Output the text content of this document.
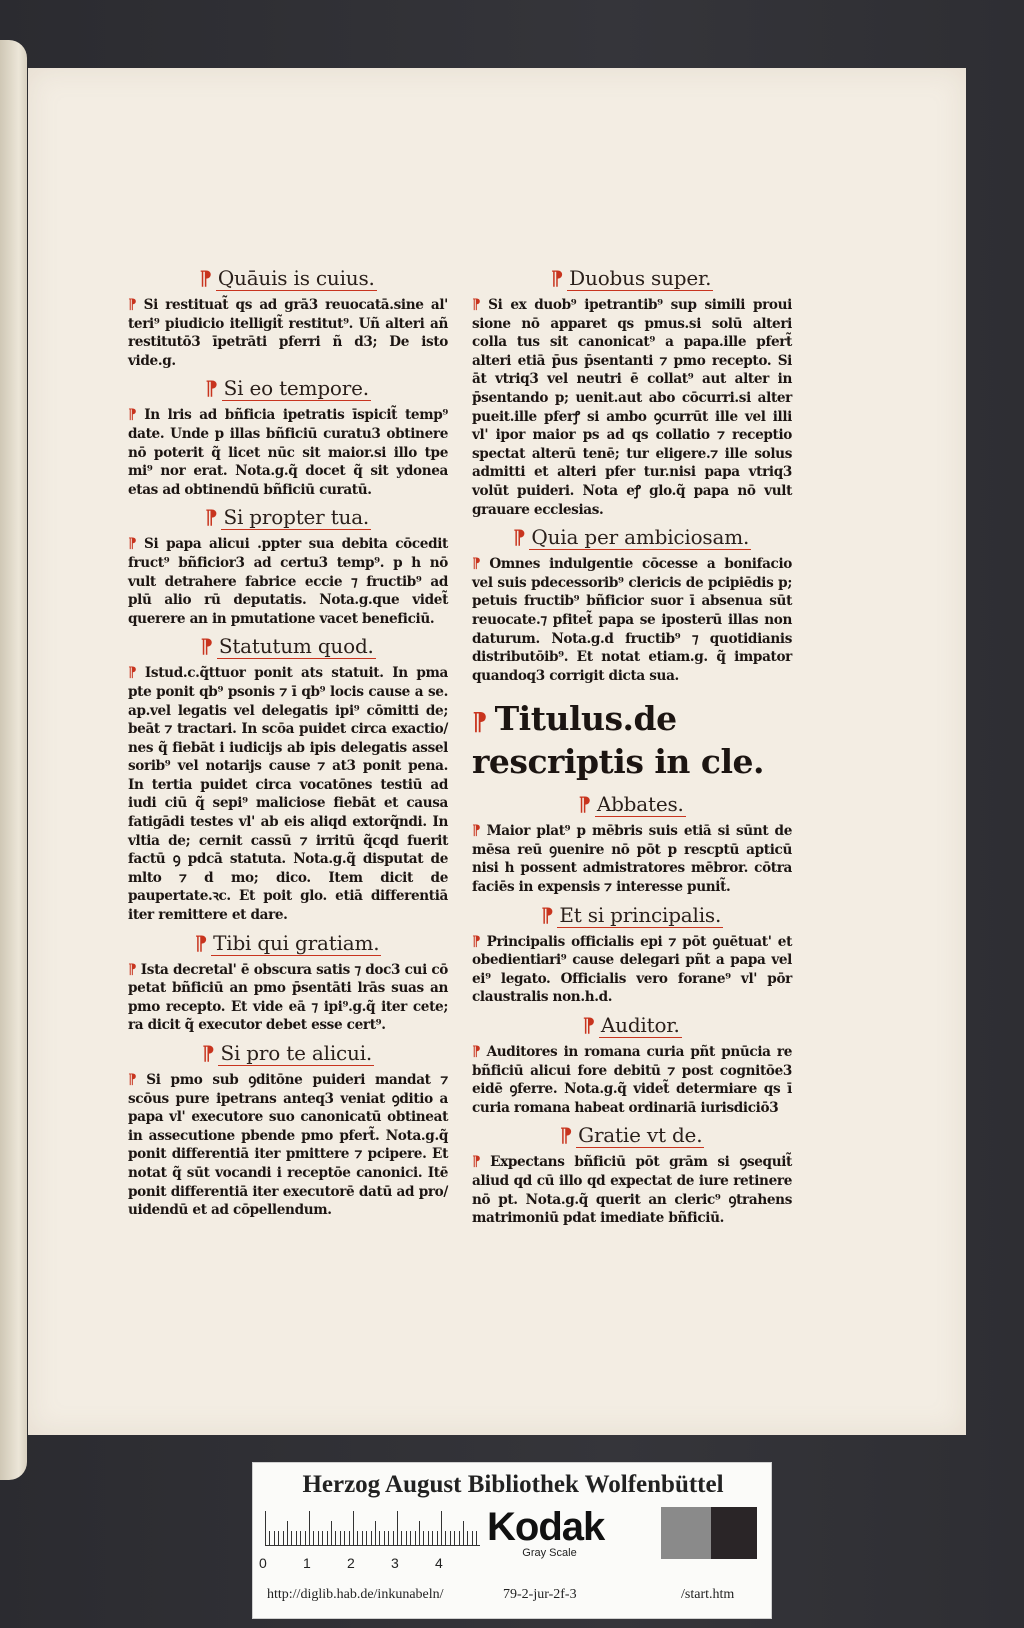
⁋ Quāuis is cuius.

⁋ Si restituat̃ qs ad grā3 reuocatā.sine al' teri⁹ piudicio itelligit̃ restitut⁹. Uñ alteri añ restitutō3 īpetrāti pferri ñ d3; De isto vide.g.

⁋ Si eo tempore.

⁋ In lris ad bñficia ipetratis īspicit̃ temp⁹ date. Unde p illas bñficiū curatu3 obtinere nō poterit q̃ licet nūc sit maior.si illo tpe mi⁹ nor erat. Nota.g.q̃ docet q̃ sit ydonea etas ad obtinendū bñficiū curatū.

⁋ Si propter tua.

⁋ Si papa alicui .ppter sua debita cōcedit fruct⁹ bñficior3 ad certu3 temp⁹. p h nō vult detrahere fabrice eccie ⁊ fructib⁹ ad plū alio rū deputatis. Nota.g.que videt̃ querere an in pmutatione vacet beneficiū.

⁋ Statutum quod.

⁋ Istud.c.q̃ttuor ponit ats statuit. In pma pte ponit qb⁹ psonis ⁊ ī qb⁹ locis cause a se. ap.vel legatis vel delegatis ipi⁹ cōmitti de; beāt ⁊ tractari. In scōa puidet circa exactio/ nes q̃ fiebāt i iudicijs ab ipis delegatis assel sorib⁹ vel notarijs cause ⁊ at3 ponit pena. In tertia puidet circa vocatōnes testiū ad iudi ciū q̃ sepi⁹ maliciose fiebāt et causa fatigādi testes vl' ab eis aliqd extorq̃ndi. In vltia de; cernit cassū ⁊ irritū q̃cqd fuerit factū ꝯ pdcā statuta. Nota.g.q̃ disputat de mlto ⁊ d mo; dico. Item dicit de paupertate.ꝛc. Et poit glo. etiā differentiā iter remittere et dare.

⁋ Tibi qui gratiam.

⁋ Ista decretal' ē obscura satis ⁊ doc3 cui cō petat bñficiū an pmo p̄sentāti lrās suas an pmo recepto. Et vide eā ⁊ ipi⁹.g.q̃ iter cete; ra dicit q̃ executor debet esse cert⁹.

⁋ Si pro te alicui.

⁋ Si pmo sub ꝯditōne puideri mandat ⁊ scōus pure ipetrans anteq3 veniat ꝯditio a papa vl' executore suo canonicatū obtineat in assecutione pbende pmo pfert̃. Nota.g.q̃ ponit differentiā iter pmittere ⁊ pcipere. Et notat q̃ sūt vocandi i receptōe canonici. Itē ponit differentiā iter executorē datū ad pro/ uidendū et ad cōpellendum.

⁋ Duobus super.

⁋ Si ex duob⁹ ipetrantib⁹ sup simili proui sione nō apparet qs pmus.si solū alteri colla tus sit canonicat⁹ a papa.ille pfert̃ alteri etiā p̄us p̄sentanti ⁊ pmo recepto. Si āt vtriq3 vel neutri ē collat⁹ aut alter in p̄sentando p; uenit.aut abo cōcurri.si alter pueit.ille pferꝭ si ambo ꝯcurrūt ille vel illi vl' ipor maior ps ad qs collatio ⁊ receptio spectat alterū tenē; tur eligere.⁊ ille solus admitti et alteri pfer tur.nisi papa vtriq3 volūt puideri. Nota eꝭ glo.q̃ papa nō vult grauare ecclesias.

⁋ Quia per ambiciosam.

⁋ Omnes indulgentie cōcesse a bonifacio vel suis pdecessorib⁹ clericis de pcipiēdis p; petuis fructib⁹ bñficior suor ī absenua sūt reuocate.⁊ pfitet̃ papa se iposterū illas non daturum. Nota.g.d fructib⁹ ⁊ quotidianis distributōib⁹. Et notat etiam.g. q̃ impator quandoq3 corrigit dicta sua.

⁋ Titulus.de rescriptis in cle.
⁋ Abbates.

⁋ Maior plat⁹ p mēbris suis etiā si sūnt de mēsa reū ꝯuenire nō pōt p rescptū apticū nisi h possent admistratores mēbror. cōtra faciēs in expensis ⁊ interesse punit̃.

⁋ Et si principalis.

⁋ Principalis officialis epi ⁊ pōt ꝯuētuat' et obedientiari⁹ cause delegari pñt a papa vel ei⁹ legato. Officialis vero forane⁹ vl' pōr claustralis non.h.d.

⁋ Auditor.

⁋ Auditores in romana curia pñt pnūcia re bñficiū alicui fore debitū ⁊ post cognitōe3 eidē ꝯferre. Nota.g.q̃ videt̃ determiare qs ī curia romana habeat ordinariā iurisdiciō3

⁋ Gratie vt de.

⁋ Expectans bñficiū pōt grām si ꝯsequit̃ aliud qd cū illo qd expectat de iure retinere nō pt. Nota.g.q̃ querit an cleric⁹ ꝯtrahens matrimoniū pdat imediate bñficiū.

Herzog August Bibliothek Wolfenbüttel
0	1	2	3	4
Kodak
Gray Scale
http://diglib.hab.de/inkunabeln/	79-2-jur-2f-3	/start.htm
